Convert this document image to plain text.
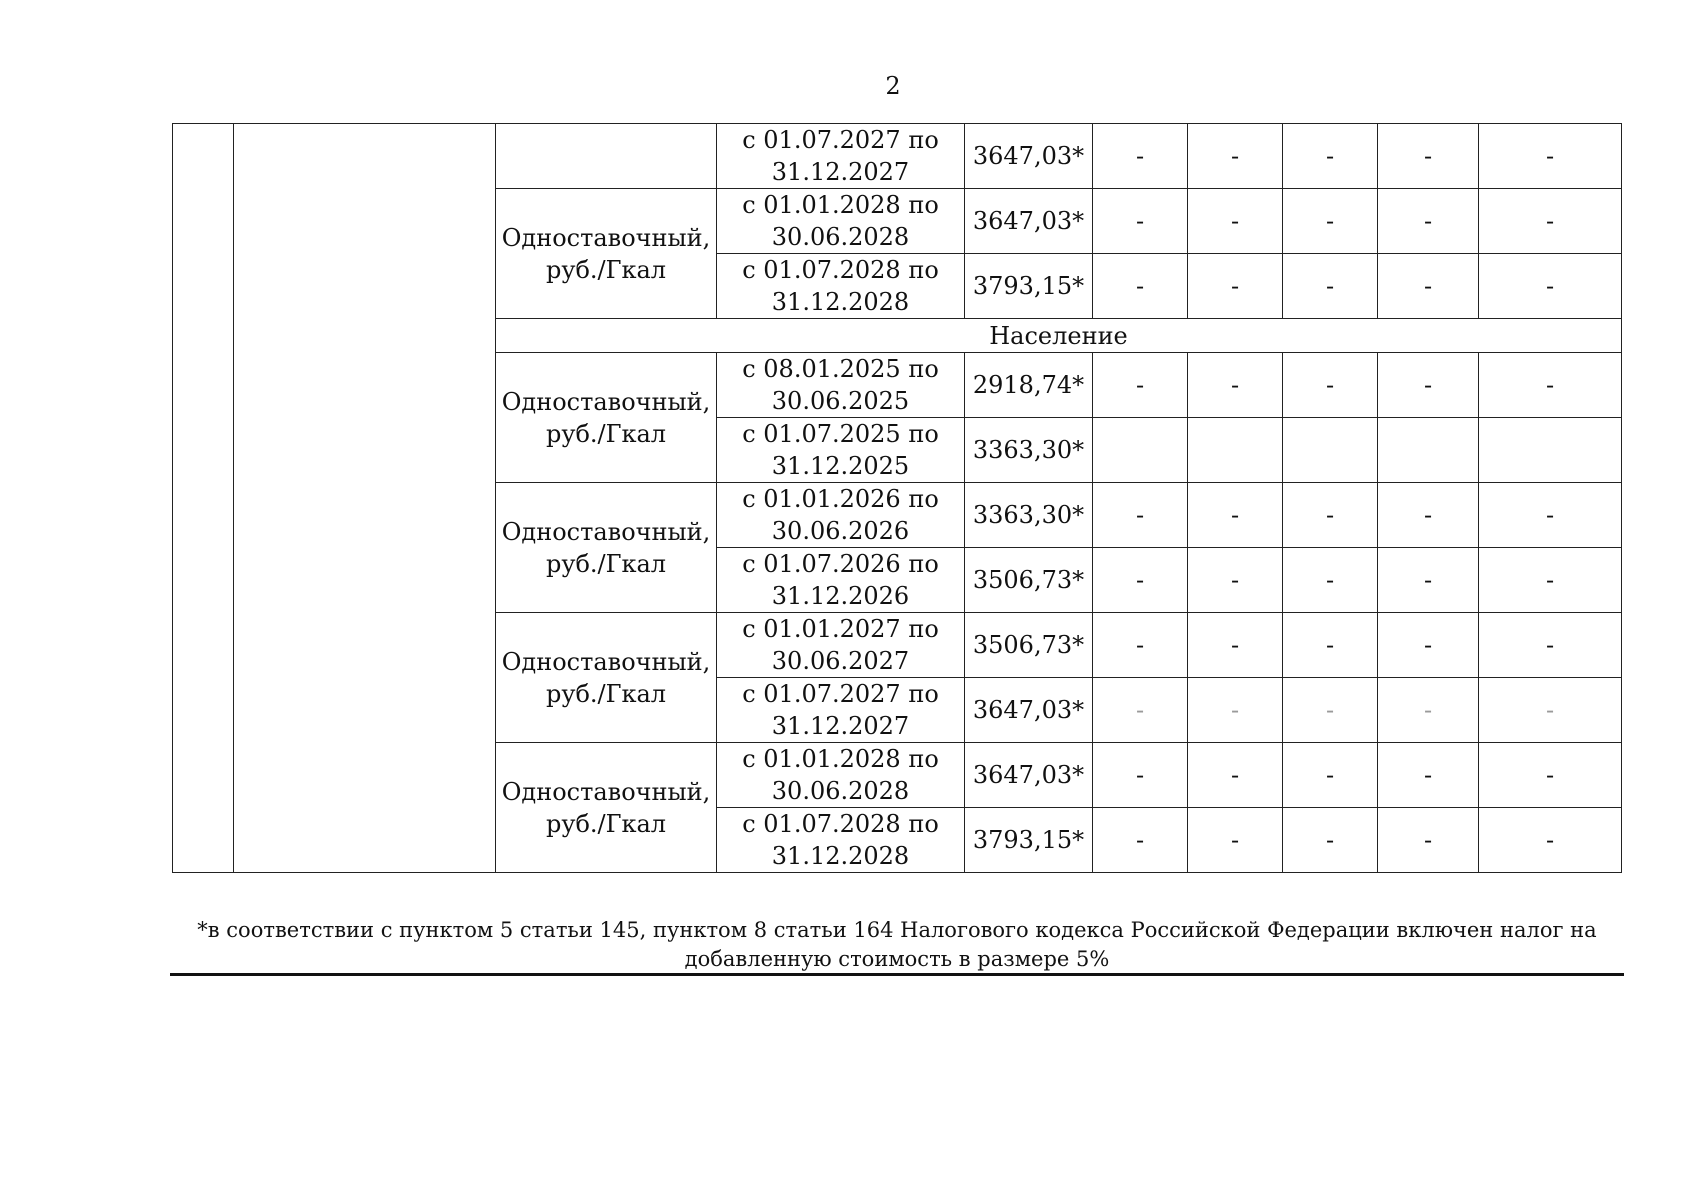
2
			с 01.07.2027 по 31.12.2027	3647,03*	-	-	-	-	-
		Одноставочный, руб./Гкал	с 01.01.2028 по 30.06.2028	3647,03*	-	-	-	-	-
			с 01.07.2028 по 31.12.2028	3793,15*	-	-	-	-	-
		Население							
		Одноставочный, руб./Гкал	с 08.01.2025 по 30.06.2025	2918,74*	-	-	-	-	-
			с 01.07.2025 по 31.12.2025	3363,30*					
		Одноставочный, руб./Гкал	с 01.01.2026 по 30.06.2026	3363,30*	-	-	-	-	-
			с 01.07.2026 по 31.12.2026	3506,73*	-	-	-	-	-
		Одноставочный, руб./Гкал	с 01.01.2027 по 30.06.2027	3506,73*	-	-	-	-	-
			с 01.07.2027 по 31.12.2027	3647,03*	-	-	-	-	-
		Одноставочный, руб./Гкал	с 01.01.2028 по 30.06.2028	3647,03*	-	-	-	-	-
			с 01.07.2028 по 31.12.2028	3793,15*	-	-	-	-	-
*в соответствии с пунктом 5 статьи 145, пунктом 8 статьи 164 Налогового кодекса Российской Федерации включен налог на добавленную стоимость в размере 5%
